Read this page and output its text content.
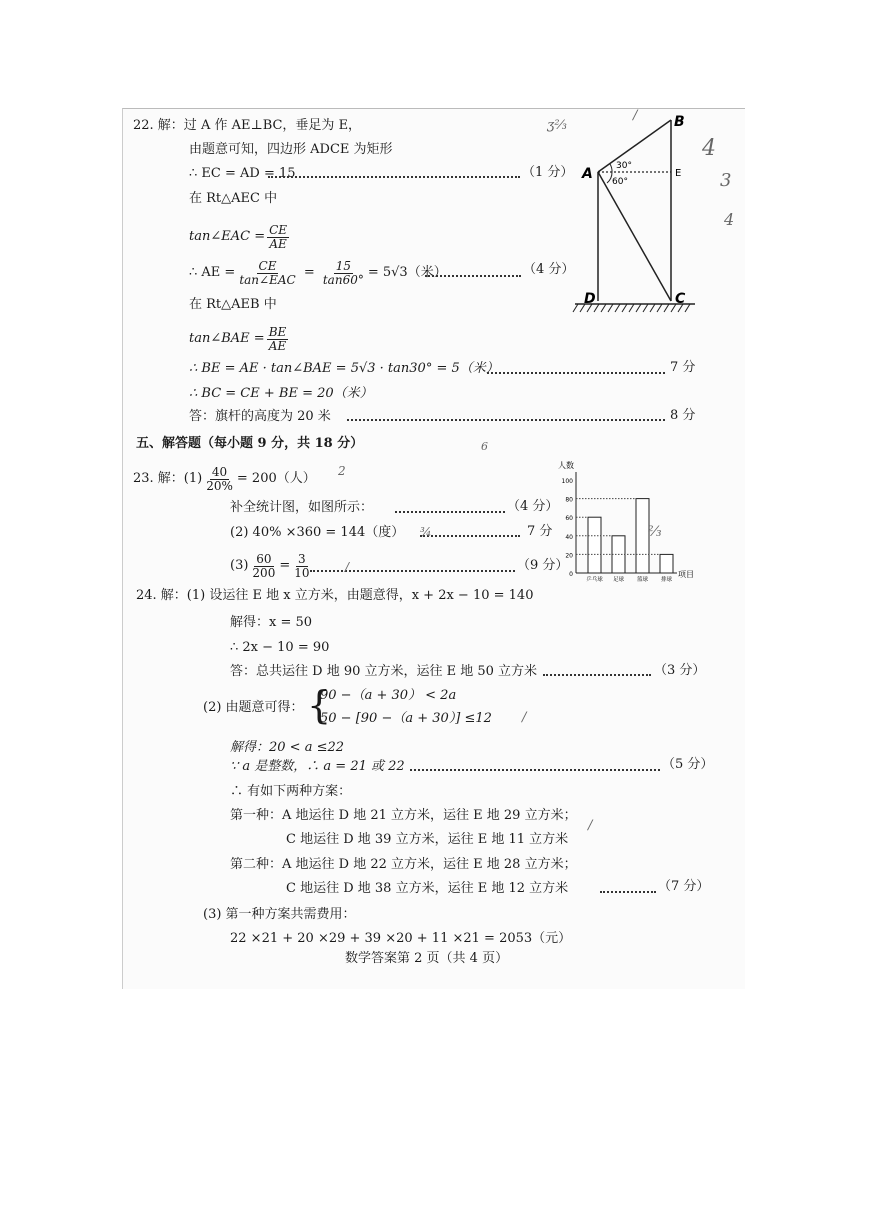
22. 解：过 A 作 AE⊥BC，垂足为 E，
由题意可知，四边形 ADCE 为矩形
∴ EC = AD = 15	（1 分）
在 Rt△AEC 中
tan∠EAC = $\frac{CE}{AE}$
∴ AE = $\frac{CE}{\text{tan∠EAC}} = \frac{15}{\tan 60^\circ} = 5√3$（米）	（4 分）
在 Rt△AEB 中
tan∠BAE = $\frac{BE}{AE}$
∴ BE = AE · tan∠BAE = 5√3 · tan30° = 5（米）	7 分
∴ BC = CE + BE = 20（米）
答：旗杆的高度为 20 米	8 分
A
B
C
D
E
30°
60°
五、解答题（每小题 9 分，共 18 分）
23. 解：$(1) \frac{40}{20\%} = 200$（人）
补全统计图，如图所示：	（4 分）
(2) 40% ×360 = 144（度）	7 分
$(3) \frac{60}{200} = \frac{3}{10}$	（9 分）
人数
项目
100
80
60
40
20
0
乒乓球 足球 篮球 排球
24. 解：(1) 设运往 E 地 x 立方米，由题意得，x + 2x − 10 = 140
解得：x = 50
∴ 2x − 10 = 90
答：总共运往 D 地 90 立方米，运往 E 地 50 立方米	（3 分）
(2) 由题意可得： {
90 −（a + 30） < 2a
50 − [90 −（a + 30）] ≤12
解得：20 < a ≤22
∵ a 是整数，∴ a = 21 或 22	（5 分）
∴ 有如下两种方案：
第一种：A 地运往 D 地 21 立方米，运往 E 地 29 立方米；
C 地运往 D 地 39 立方米，运往 E 地 11 立方米
第二种：A 地运往 D 地 22 立方米，运往 E 地 28 立方米；
C 地运往 D 地 38 立方米，运往 E 地 12 立方米	（7 分）
(3) 第一种方案共需费用：
22 ×21 + 20 ×29 + 39 ×20 + 11 ×21 = 2053（元）
数学答案第 2 页（共 4 页）
ʒ⅔
/
4
3
4
6
2
¾	⅔
/
/
/
